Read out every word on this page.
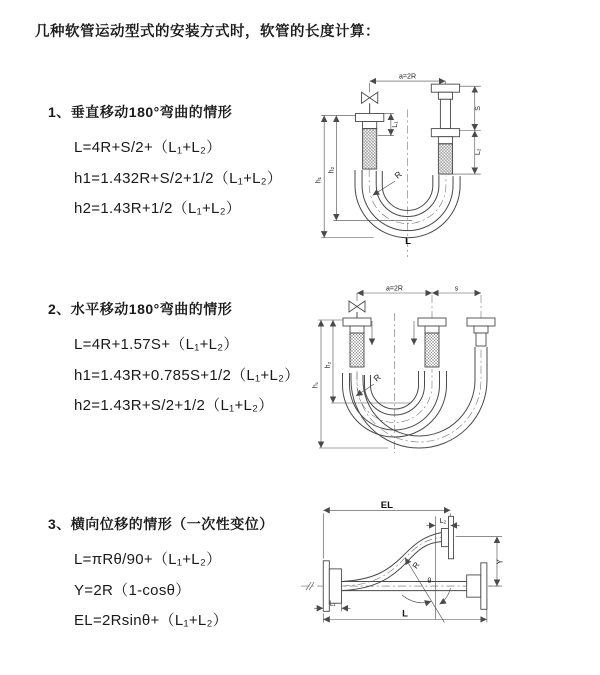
几种软管运动型式的安装方式时，软管的长度计算：
1、垂直移动180°弯曲的情形
L=4R+S/2+（L₁+L₂）
h1=1.432R+S/2+1/2（L₁+L₂）
h2=1.43R+1/2（L₁+L₂）
a=2R
h₁
h₂
L₁
S
L₂
R
L
2、水平移动180°弯曲的情形
L=4R+1.57S+（L₁+L₂）
h1=1.43R+0.785S+1/2（L₁+L₂）
h2=1.43R+S/2+1/2（L₁+L₂）
a=2R	s
h₁
h₂
R
3、横向位移的情形（一次性变位）
L=πRθ/90+（L₁+L₂）
Y=2R（1-cosθ）
EL=2Rsinθ+（L₁+L₂）
EL
L₂
Y
R
θ
L
L₁
